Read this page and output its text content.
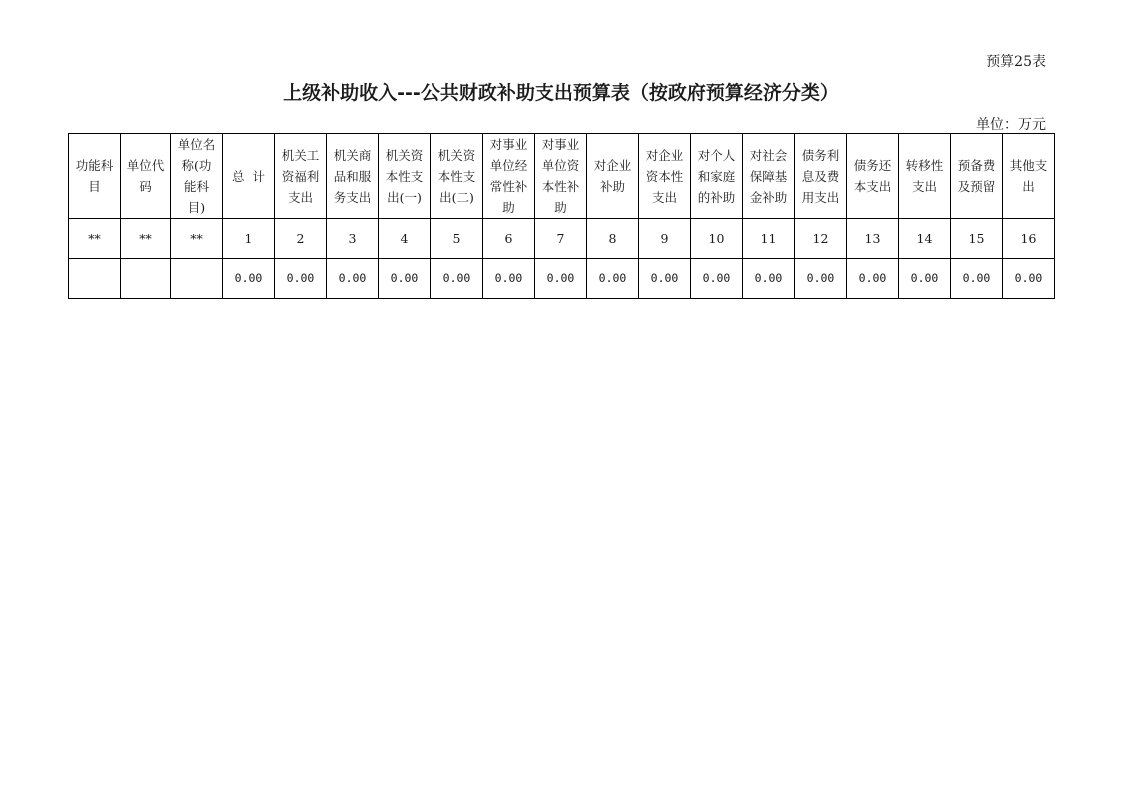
预算25表
上级补助收入---公共财政补助支出预算表（按政府预算经济分类）
单位：万元
功能科目	单位代码	单位名称(功能科目)	总  计	机关工资福利支出	机关商品和服务支出	机关资本性支出(一)	机关资本性支出(二)	对事业单位经常性补助	对事业单位资本性补助	对企业补助	对企业资本性支出	对个人和家庭的补助	对社会保障基金补助	债务利息及费用支出	债务还本支出	转移性支出	预备费及预留	其他支出
**	**	**	1	2	3	4	5	6	7	8	9	10	11	12	13	14	15	16
			0.00	0.00	0.00	0.00	0.00	0.00	0.00	0.00	0.00	0.00	0.00	0.00	0.00	0.00	0.00	0.00
